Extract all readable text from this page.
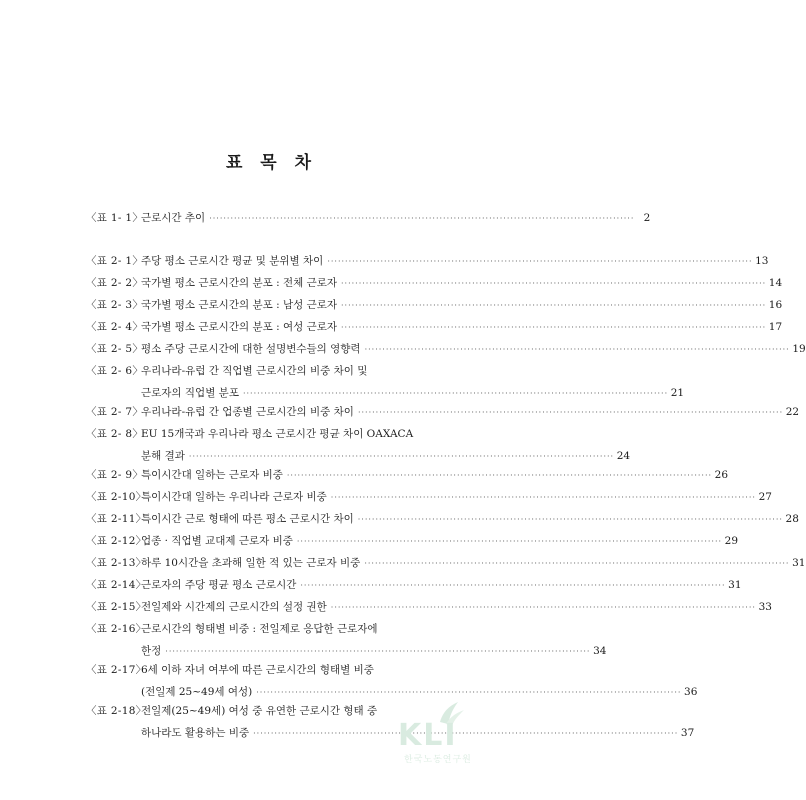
표 목 차
〈표 1- 1〉
근로시간 추이 ························································································································ 2
〈표 2- 1〉
주당 평소 근로시간 평균 및 분위별 차이 ························································································································ 13
〈표 2- 2〉
국가별 평소 근로시간의 분포 : 전체 근로자 ························································································································ 14
〈표 2- 3〉
국가별 평소 근로시간의 분포 : 남성 근로자 ························································································································ 16
〈표 2- 4〉
국가별 평소 근로시간의 분포 : 여성 근로자 ························································································································ 17
〈표 2- 5〉
평소 주당 근로시간에 대한 설명변수들의 영향력 ························································································································ 19
〈표 2- 6〉
우리나라-유럽 간 직업별 근로시간의 비중 차이 및
근로자의 직업별 분포 ························································································································ 21
〈표 2- 7〉
우리나라-유럽 간 업종별 근로시간의 비중 차이 ························································································································ 22
〈표 2- 8〉
EU 15개국과 우리나라 평소 근로시간 평균 차이 OAXACA
분해 결과 ························································································································ 24
〈표 2- 9〉
특이시간대 일하는 근로자 비중 ························································································································ 26
〈표 2-10〉
특이시간대 일하는 우리나라 근로자 비중 ························································································································ 27
〈표 2-11〉
특이시간 근로 형태에 따른 평소 근로시간 차이 ························································································································ 28
〈표 2-12〉
업종 · 직업별 교대제 근로자 비중 ························································································································ 29
〈표 2-13〉
하루 10시간을 초과해 일한 적 있는 근로자 비중 ························································································································ 31
〈표 2-14〉
근로자의 주당 평균 평소 근로시간 ························································································································ 31
〈표 2-15〉
전일제와 시간제의 근로시간의 설정 권한 ························································································································ 33
〈표 2-16〉
근로시간의 형태별 비중 : 전일제로 응답한 근로자에
한정 ························································································································ 34
〈표 2-17〉
6세 이하 자녀 여부에 따른 근로시간의 형태별 비중
(전일제 25~49세 여성) ························································································································ 36
〈표 2-18〉
전일제(25~49세) 여성 중 유연한 근로시간 형태 중
하나라도 활용하는 비중 ························································································································ 37
KLI
한국노동연구원
